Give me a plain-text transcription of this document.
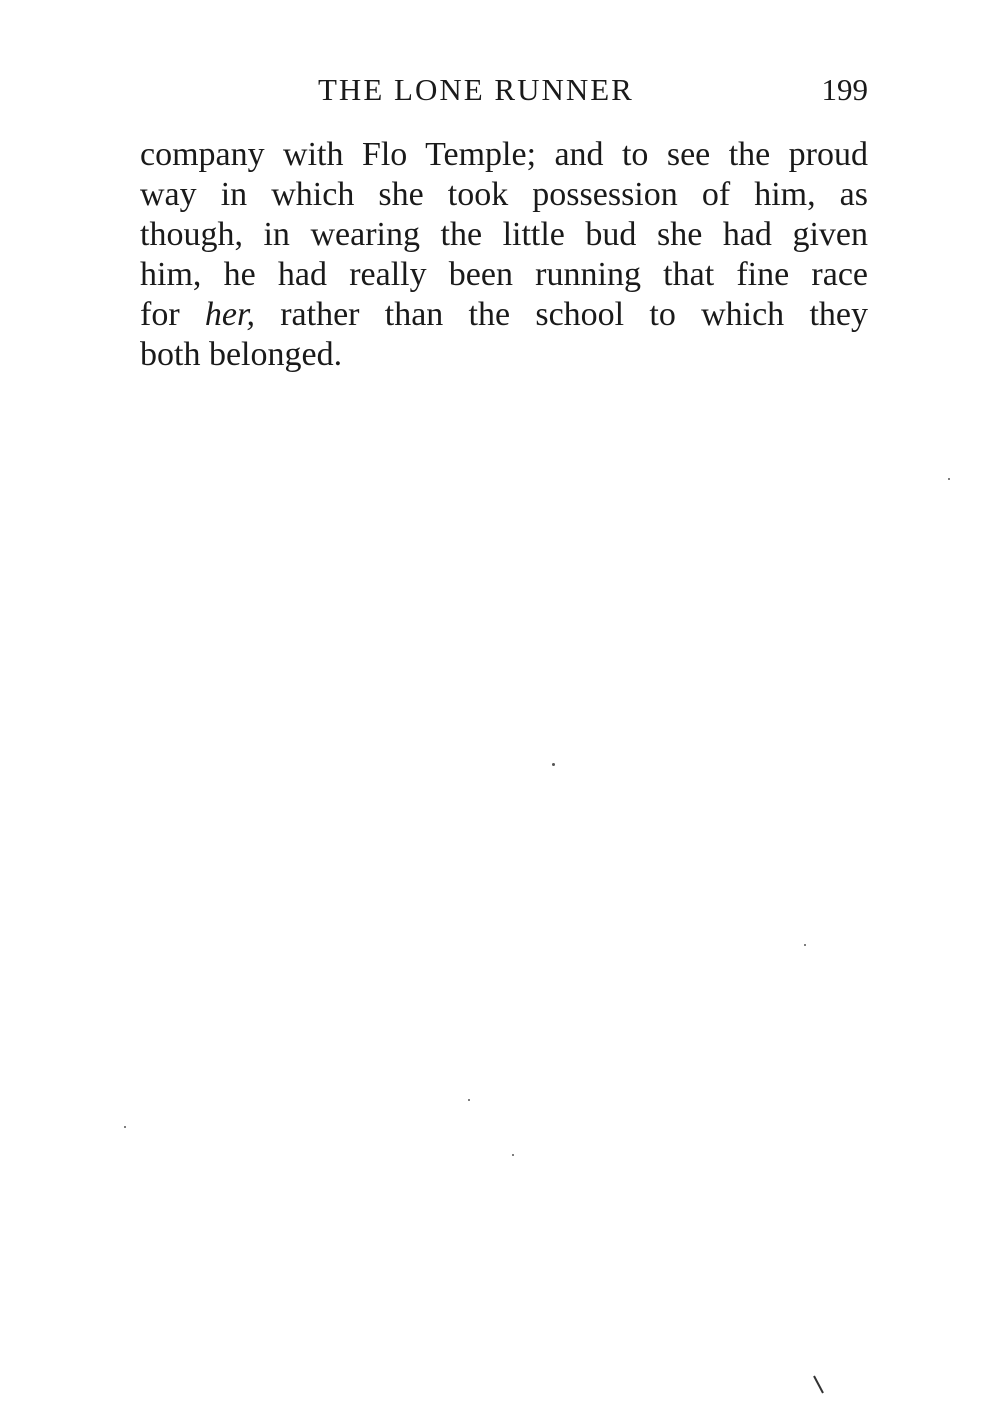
THE LONE RUNNER	199
company with Flo Temple; and to see the proud
way in which she took possession of him, as
though, in wearing the little bud she had given
him, he had really been running that fine race
for her, rather than the school to which they
both belonged.
